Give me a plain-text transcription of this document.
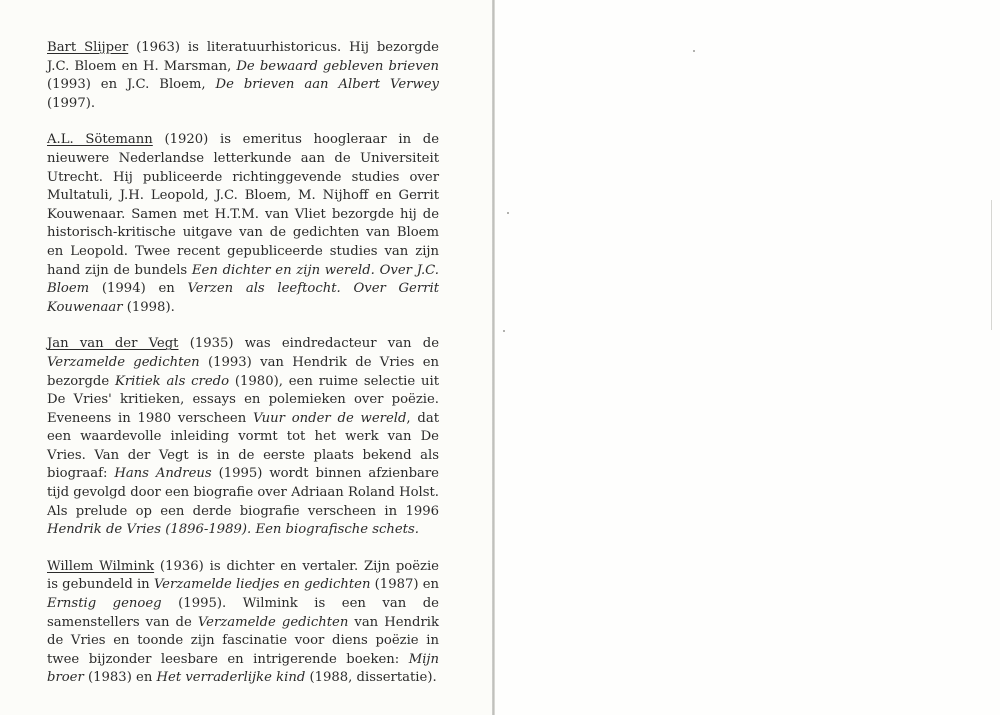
Bart Slijper (1963) is literatuurhistoricus. Hij bezorgde J.C. Bloem en H. Marsman, De bewaard gebleven brieven (1993) en J.C. Bloem, De brieven aan Albert Verwey (1997).

A.L. Sötemann (1920) is emeritus hoogleraar in de nieuwere Nederlandse letterkunde aan de Universiteit Utrecht. Hij publiceerde richtinggevende studies over Multatuli, J.H. Leopold, J.C. Bloem, M. Nijhoff en Gerrit Kouwenaar. Samen met H.T.M. van Vliet bezorgde hij de historisch-kritische uitgave van de gedichten van Bloem en Leopold. Twee recent gepubliceerde studies van zijn hand zijn de bundels Een dichter en zijn wereld. Over J.C. Bloem (1994) en Verzen als leeftocht. Over Gerrit Kouwenaar (1998).

Jan van der Vegt (1935) was eindredacteur van de Verzamelde gedichten (1993) van Hendrik de Vries en bezorgde Kritiek als credo (1980), een ruime selectie uit De Vries' kritieken, essays en polemieken over poëzie. Eveneens in 1980 verscheen Vuur onder de wereld, dat een waardevolle inleiding vormt tot het werk van De Vries. Van der Vegt is in de eerste plaats bekend als biograaf: Hans Andreus (1995) wordt binnen afzienbare tijd gevolgd door een biografie over Adriaan Roland Holst. Als prelude op een derde biografie verscheen in 1996 Hendrik de Vries (1896-1989). Een biografische schets.

Willem Wilmink (1936) is dichter en vertaler. Zijn poëzie is gebundeld in Verzamelde liedjes en gedichten (1987) en Ernstig genoeg (1995). Wilmink is een van de samenstellers van de Verzamelde gedichten van Hendrik de Vries en toonde zijn fascinatie voor diens poëzie in twee bijzonder leesbare en intrigerende boeken: Mijn broer (1983) en Het verraderlijke kind (1988, dissertatie).
